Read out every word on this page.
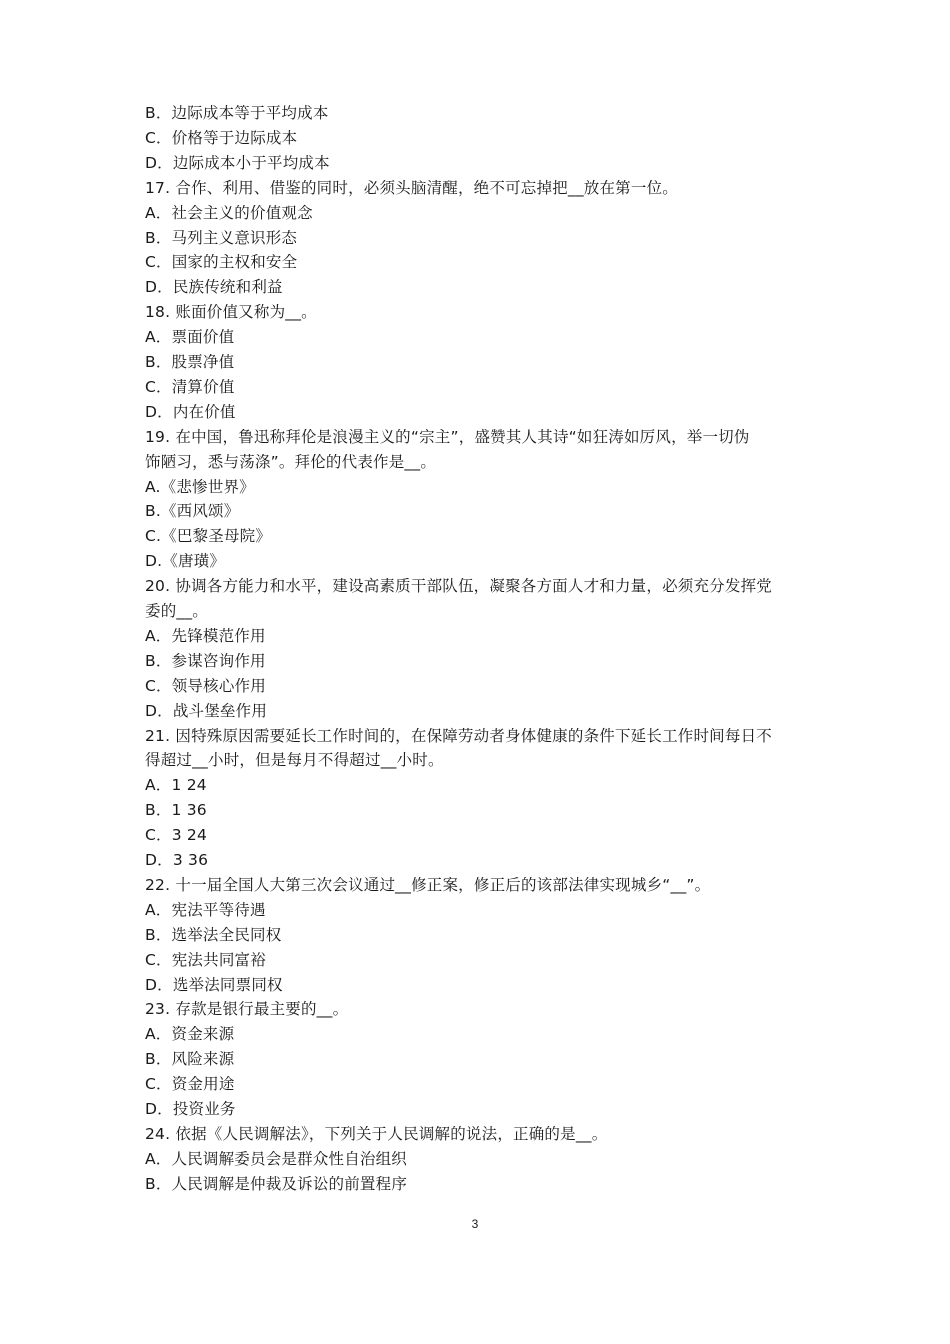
B．边际成本等于平均成本
C．价格等于边际成本
D．边际成本小于平均成本
17. 合作、利用、借鉴的同时，必须头脑清醒，绝不可忘掉把__放在第一位。
A．社会主义的价值观念
B．马列主义意识形态
C．国家的主权和安全
D．民族传统和利益
18. 账面价值又称为__。
A．票面价值
B．股票净值
C．清算价值
D．内在价值
19. 在中国，鲁迅称拜伦是浪漫主义的“宗主”，盛赞其人其诗“如狂涛如厉风，举一切伪
饰陋习，悉与荡涤”。拜伦的代表作是__。
A.《悲惨世界》
B.《西风颂》
C.《巴黎圣母院》
D.《唐璜》
20. 协调各方能力和水平，建设高素质干部队伍，凝聚各方面人才和力量，必须充分发挥党
委的__。
A．先锋模范作用
B．参谋咨询作用
C．领导核心作用
D．战斗堡垒作用
21. 因特殊原因需要延长工作时间的，在保障劳动者身体健康的条件下延长工作时间每日不
得超过__小时，但是每月不得超过__小时。
A．1 24
B．1 36
C．3 24
D．3 36
22. 十一届全国人大第三次会议通过__修正案，修正后的该部法律实现城乡“__”。
A．宪法平等待遇
B．选举法全民同权
C．宪法共同富裕
D．选举法同票同权
23. 存款是银行最主要的__。
A．资金来源
B．风险来源
C．资金用途
D．投资业务
24. 依据《人民调解法》，下列关于人民调解的说法，正确的是__。
A．人民调解委员会是群众性自治组织
B．人民调解是仲裁及诉讼的前置程序
3
